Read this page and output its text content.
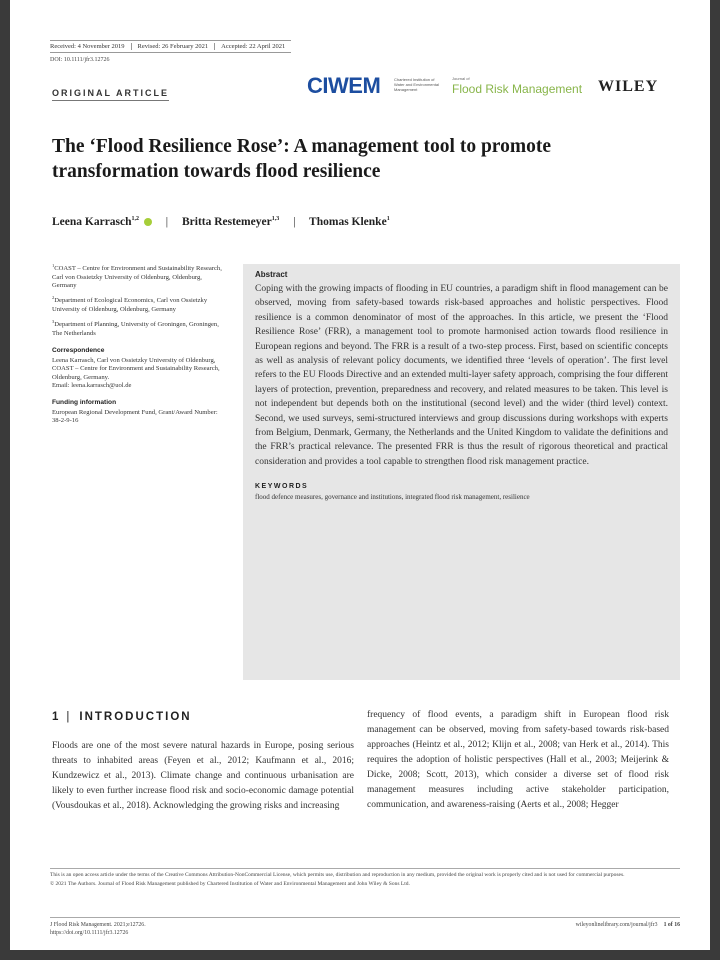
Received: 4 November 2019 Revised: 26 February 2021 Accepted: 22 April 2021
DOI: 10.1111/jfr3.12726
ORIGINAL ARTICLE	CIWEM	Chartered Institution of Water and Environmental Management
Journal of
Flood Risk Management WILEY
The ‘Flood Resilience Rose’: A management tool to promote transformation towards flood resilience
Leena Karrasch$^{1,2}$ | Britta Restemeyer$^{1,3}$ | Thomas Klenke$^1$

$^1$COAST – Centre for Environment and Sustainability Research, Carl von Ossietzky University of Oldenburg, Oldenburg, Germany

$^2$Department of Ecological Economics, Carl von Ossietzky University of Oldenburg, Oldenburg, Germany

$^3$Department of Planning, University of Groningen, Groningen, The Netherlands

Correspondence

Leena Karrasch, Carl von Ossietzky University of Oldenburg, COAST – Centre for Environment and Sustainability Research, Oldenburg, Germany.
Email: leena.karrasch@uol.de

Funding information

European Regional Development Fund, Grant/Award Number: 38-2-9-16

Abstract

Coping with the growing impacts of flooding in EU countries, a paradigm shift in flood management can be observed, moving from safety-based towards risk-based approaches and holistic perspectives. Flood resilience is a common denominator of most of the approaches. In this article, we present the ‘Flood Resilience Rose’ (FRR), a management tool to promote harmonised action towards flood resilience in European regions and beyond. The FRR is a result of a two-step process. First, based on scientific concepts as well as analysis of relevant policy documents, we identified three ‘levels of operation’. The first level refers to the EU Floods Directive and an extended multi-layer safety approach, comprising the four different layers of protection, prevention, preparedness and recovery, and related measures to be taken. This level is not independent but depends both on the institutional (second level) and the wider (third level) context. Second, we used surveys, semi-structured interviews and group discussions during workshops with experts from Belgium, Denmark, Germany, the Netherlands and the United Kingdom to validate the definitions and the FRR’s practical relevance. The presented FRR is thus the result of rigorous theoretical and practical consideration and provides a tool capable to strengthen flood risk management practice.

KEYWORDS

flood defence measures, governance and institutions, integrated flood risk management, resilience

1 | INTRODUCTION

Floods are one of the most severe natural hazards in Europe, posing serious threats to inhabited areas (Feyen et al., 2012; Kaufmann et al., 2016; Kundzewicz et al., 2013). Climate change and continuous urbanisation are likely to even further increase flood risk and socio-economic damage potential (Vousdoukas et al., 2018). Acknowledging the growing risks and increasing

frequency of flood events, a paradigm shift in European flood risk management can be observed, moving from safety-based towards risk-based approaches (Heintz et al., 2012; Klijn et al., 2008; van Herk et al., 2014). This requires the adoption of holistic perspectives (Hall et al., 2003; Meijerink & Dicke, 2008; Scott, 2013), which consider a diverse set of flood risk management measures including active stakeholder participation, communication, and awareness-raising (Aerts et al., 2008; Hegger

This is an open access article under the terms of the Creative Commons Attribution-NonCommercial License, which permits use, distribution and reproduction in any medium, provided the original work is properly cited and is not used for commercial purposes.

© 2021 The Authors. Journal of Flood Risk Management published by Chartered Institution of Water and Environmental Management and John Wiley & Sons Ltd.

J Flood Risk Management. 2021;e12726.
https://doi.org/10.1111/jfr3.12726
wileyonlinelibrary.com/journal/jfr3 1 of 16
